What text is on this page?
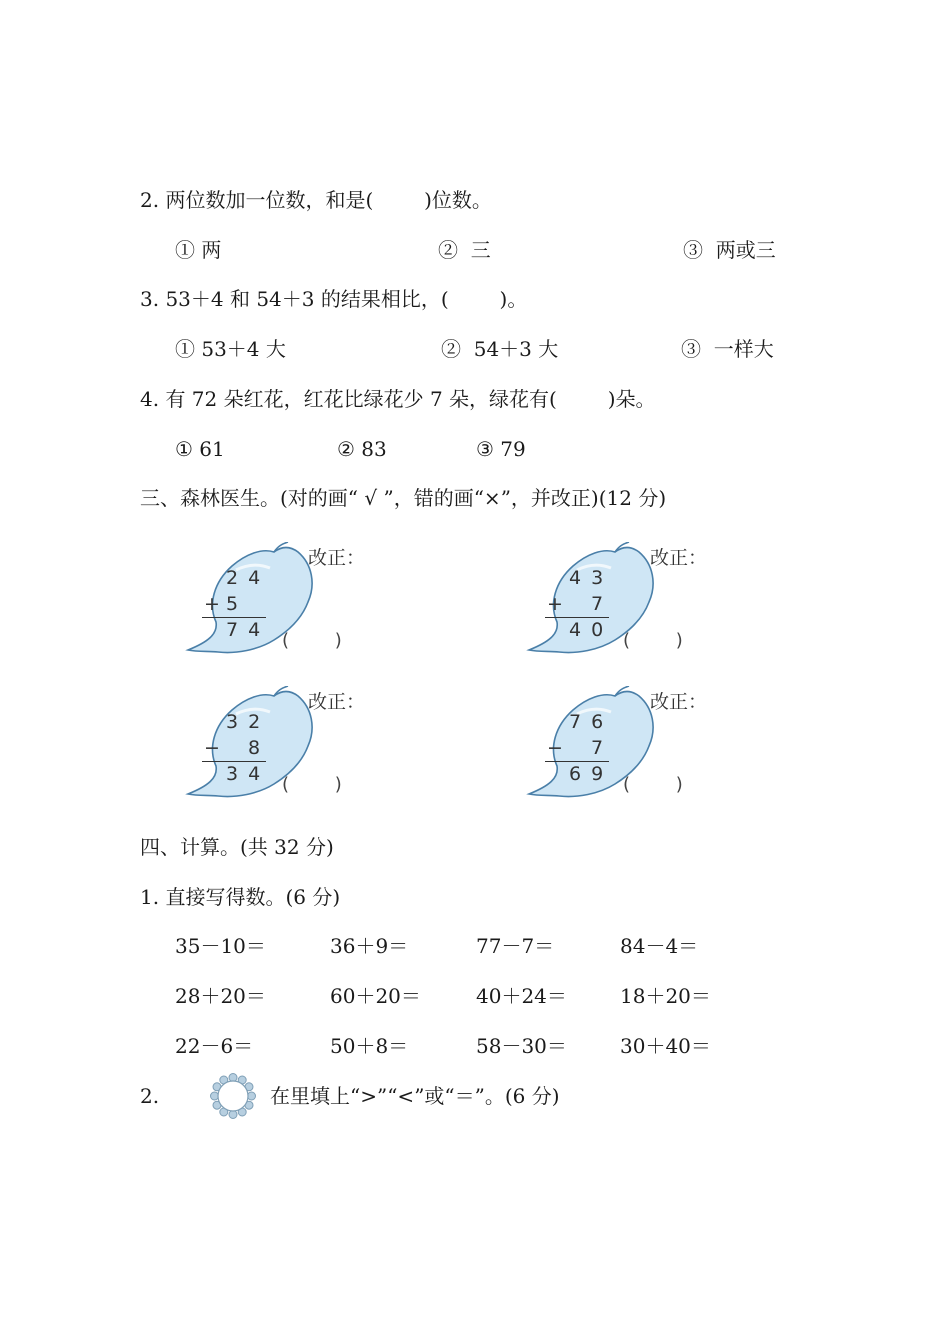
2. 两位数加一位数，和是(        )位数。
① 两	②  三	③  两或三
3. 53＋4 和 54＋3 的结果相比，(        )。
① 53＋4 大	②  54＋3 大	③  一样大
4. 有 72 朵红花，红花比绿花少 7 朵，绿花有(        )朵。
① 61	② 83	③ 79
三、森林医生。(对的画“ √ ”，错的画“×”，并改正)(12 分)
2 4
+ 5
7 4 (        )
改正：
4 3
+ 7
4 0 (        )
改正：
3 2
− 8
3 4 (        )
改正：
7 6
− 7
6 9 (        )
改正：
四、计算。(共 32 分)
1. 直接写得数。(6 分)
35－10＝	36＋9＝	77－7＝	84－4＝
28＋20＝	60＋20＝	40＋24＝	18＋20＝
22－6＝	50＋8＝	58－30＝	30＋40＝
2.	在里填上“>”“<”或“＝”。(6 分)
